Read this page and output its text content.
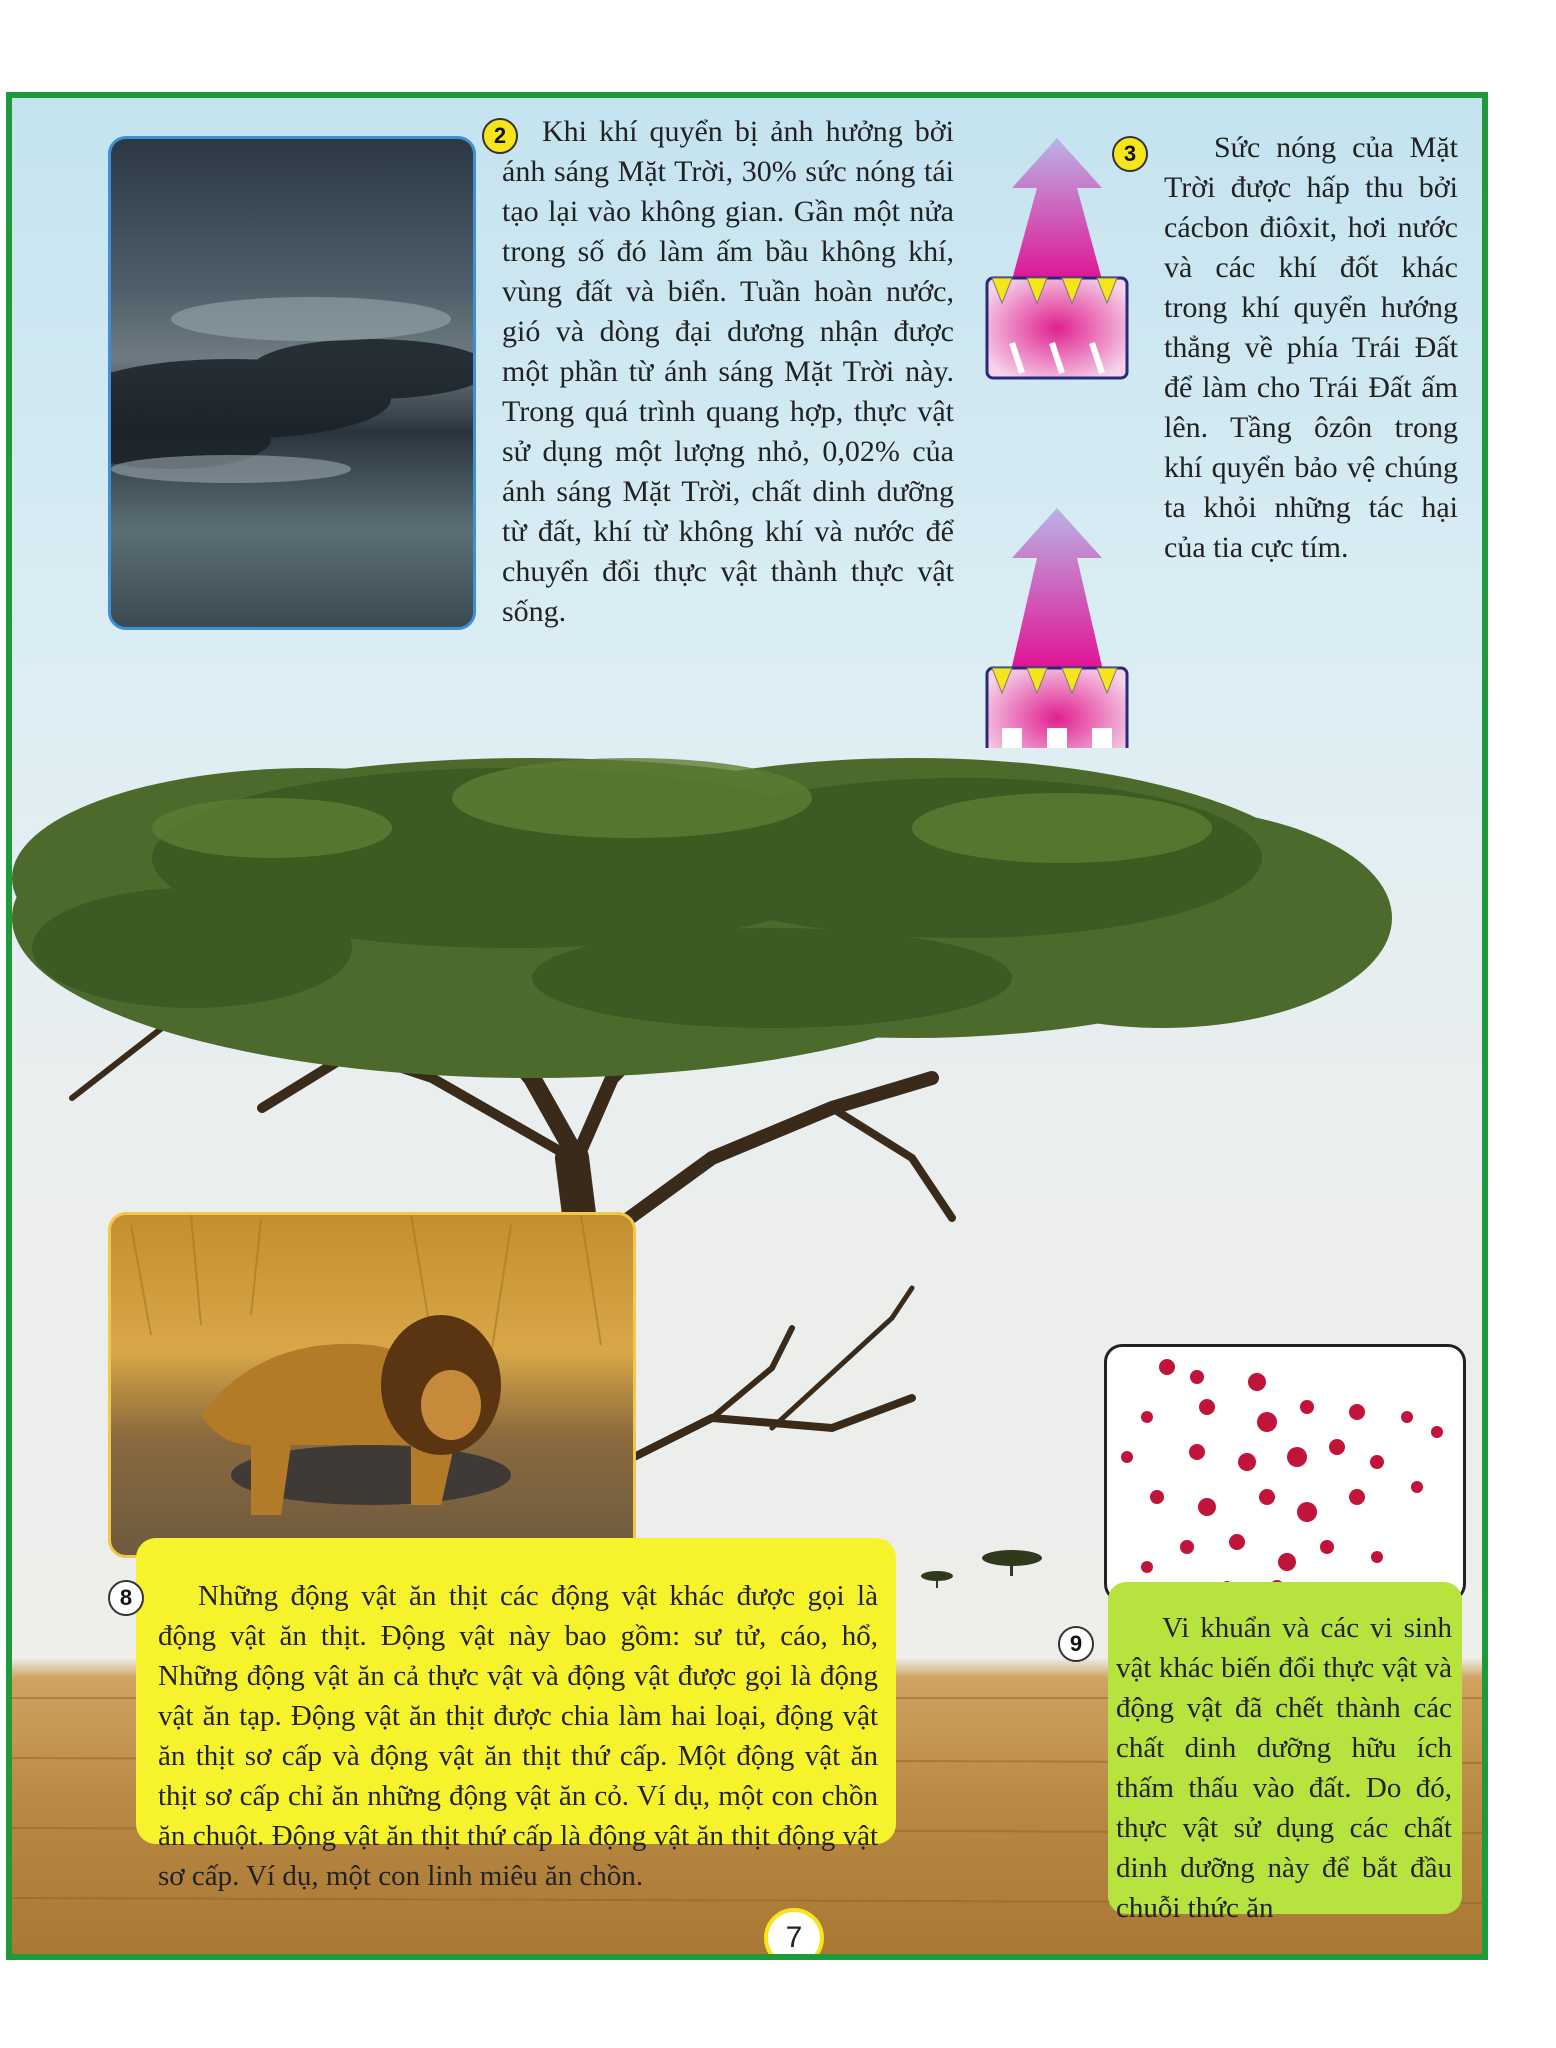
2	Khi khí quyển bị ảnh hưởng bởi ánh sáng Mặt Trời, 30% sức nóng tái tạo lại vào không gian. Gần một nửa trong số đó làm ấm bầu không khí, vùng đất và biển. Tuần hoàn nước, gió và dòng đại dương nhận được một phần từ ánh sáng Mặt Trời này. Trong quá trình quang hợp, thực vật sử dụng một lượng nhỏ, 0,02% của ánh sáng Mặt Trời, chất dinh dưỡng từ đất, khí từ không khí và nước để chuyển đổi thực vật thành thực vật sống.
3	Sức nóng của Mặt Trời được hấp thu bởi cácbon điôxit, hơi nước và các khí đốt khác trong khí quyển hướng thẳng về phía Trái Đất để làm cho Trái Đất ấm lên. Tầng ôzôn trong khí quyển bảo vệ chúng ta khỏi những tác hại của tia cực tím.
8	Những động vật ăn thịt các động vật khác được gọi là động vật ăn thịt. Động vật này bao gồm: sư tử, cáo, hổ, Những động vật ăn cả thực vật và động vật được gọi là động vật ăn tạp. Động vật ăn thịt được chia làm hai loại, động vật ăn thịt sơ cấp và động vật ăn thịt thứ cấp. Một động vật ăn thịt sơ cấp chỉ ăn những động vật ăn cỏ. Ví dụ, một con chồn ăn chuột. Động vật ăn thịt thứ cấp là động vật ăn thịt động vật sơ cấp. Ví dụ, một con linh miêu ăn chồn.
9	Vi khuẩn và các vi sinh vật khác biến đổi thực vật và động vật đã chết thành các chất dinh dưỡng hữu ích thấm thấu vào đất. Do đó, thực vật sử dụng các chất dinh dưỡng này để bắt đầu chuỗi thức ăn
7
